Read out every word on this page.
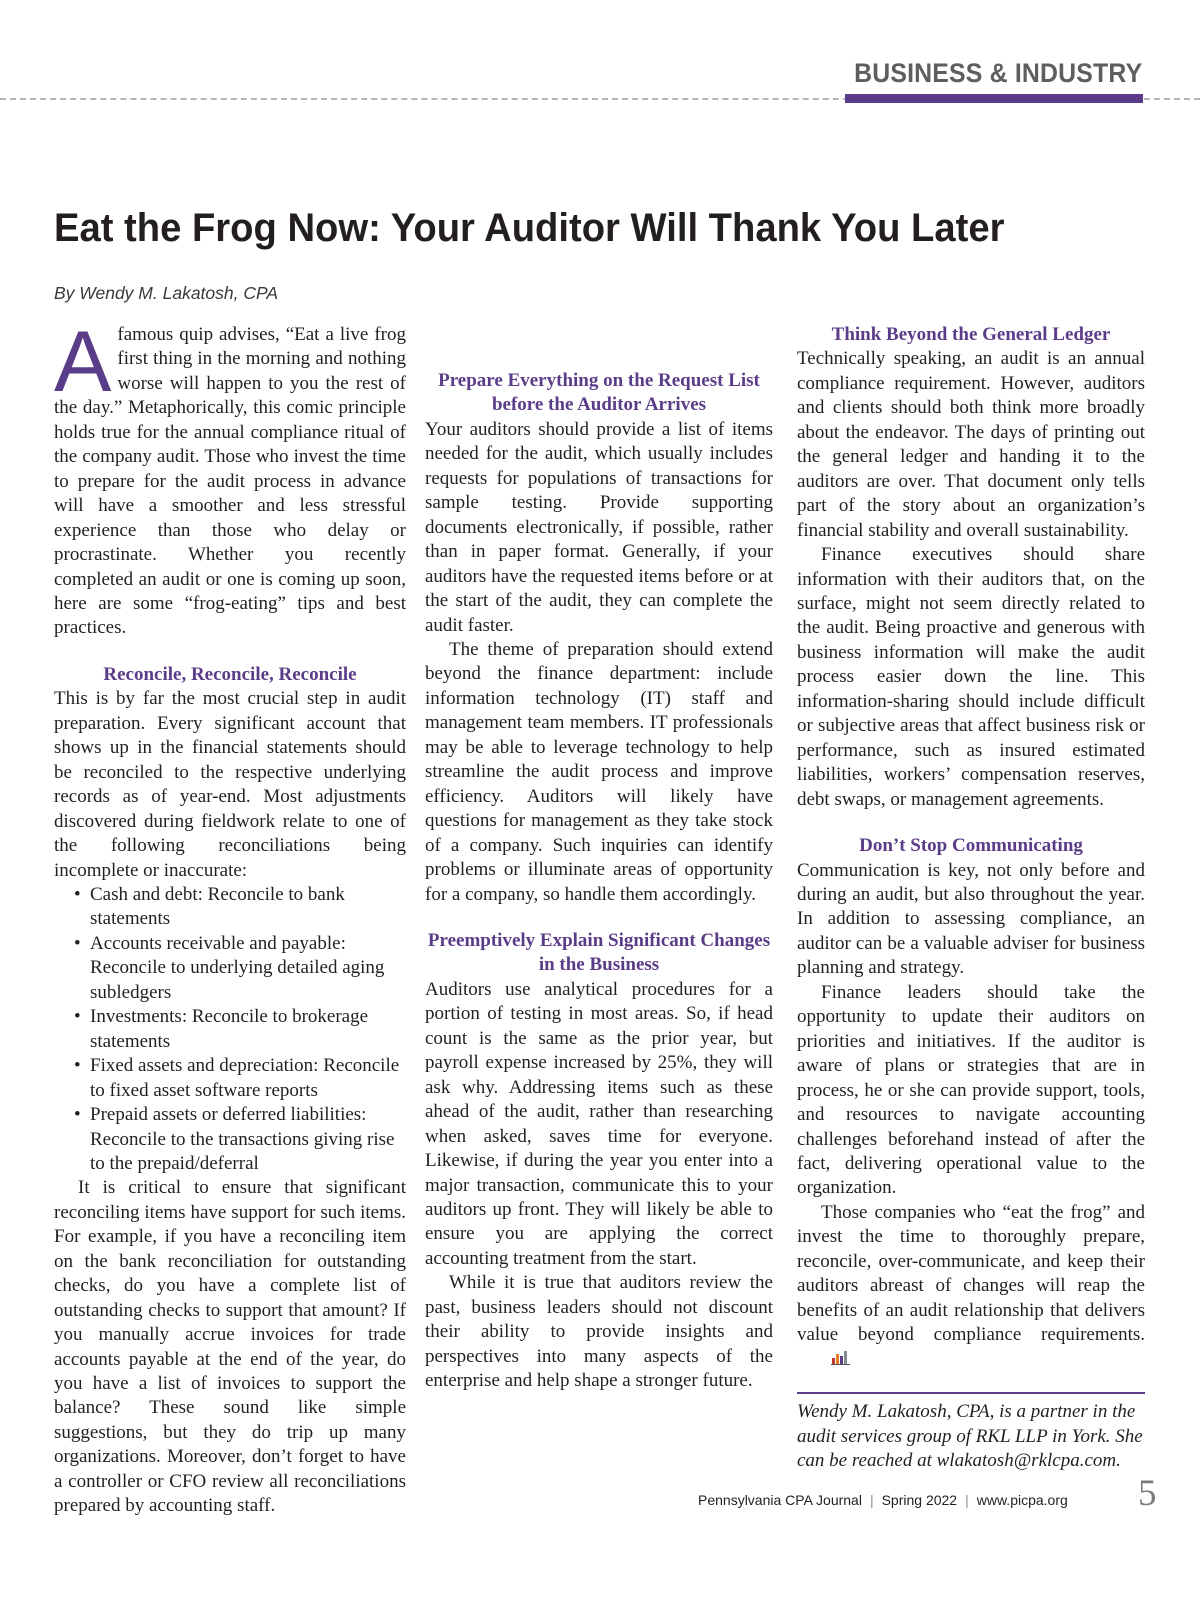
BUSINESS & INDUSTRY
Eat the Frog Now: Your Auditor Will Thank You Later
By Wendy M. Lakatosh, CPA

Afamous quip advises, “Eat a live frog first thing in the morning and nothing worse will happen to you the rest of the day.” Metaphorically, this comic principle holds true for the annual compliance ritual of the company audit. Those who invest the time to prepare for the audit process in advance will have a smoother and less stressful experience than those who delay or procrastinate. Whether you recently completed an audit or one is coming up soon, here are some “frog-eating” tips and best practices.

Reconcile, Reconcile, Reconcile

This is by far the most crucial step in audit preparation. Every significant account that shows up in the financial statements should be reconciled to the respective underlying records as of year-end. Most adjustments discovered during fieldwork relate to one of the following reconciliations being incomplete or inaccurate:

• Cash and debt: Reconcile to bank statements
• Accounts receivable and payable: Reconcile to underlying detailed aging subledgers
• Investments: Reconcile to brokerage statements
• Fixed assets and depreciation: Reconcile to fixed asset software reports
• Prepaid assets or deferred liabilities: Reconcile to the transactions giving rise to the prepaid/deferral

It is critical to ensure that significant reconciling items have support for such items. For example, if you have a reconciling item on the bank reconciliation for outstanding checks, do you have a complete list of outstanding checks to support that amount? If you manually accrue invoices for trade accounts payable at the end of the year, do you have a list of invoices to support the balance? These sound like simple suggestions, but they do trip up many organizations. Moreover, don’t forget to have a controller or CFO review all reconciliations prepared by accounting staff.

Prepare Everything on the Request List before the Auditor Arrives

Your auditors should provide a list of items needed for the audit, which usually includes requests for populations of transactions for sample testing. Provide supporting documents electronically, if possible, rather than in paper format. Generally, if your auditors have the requested items before or at the start of the audit, they can complete the audit faster.

The theme of preparation should extend beyond the finance department: include information technology (IT) staff and management team members. IT professionals may be able to leverage technology to help streamline the audit process and improve efficiency. Auditors will likely have questions for management as they take stock of a company. Such inquiries can identify problems or illuminate areas of opportunity for a company, so handle them accordingly.

Preemptively Explain Significant Changes in the Business

Auditors use analytical procedures for a portion of testing in most areas. So, if head count is the same as the prior year, but payroll expense increased by 25%, they will ask why. Addressing items such as these ahead of the audit, rather than researching when asked, saves time for everyone. Likewise, if during the year you enter into a major transaction, communicate this to your auditors up front. They will likely be able to ensure you are applying the correct accounting treatment from the start.

While it is true that auditors review the past, business leaders should not discount their ability to provide insights and perspectives into many aspects of the enterprise and help shape a stronger future.

Think Beyond the General Ledger

Technically speaking, an audit is an annual compliance requirement. However, auditors and clients should both think more broadly about the endeavor. The days of printing out the general ledger and handing it to the auditors are over. That document only tells part of the story about an organization’s financial stability and overall sustainability.

Finance executives should share information with their auditors that, on the surface, might not seem directly related to the audit. Being proactive and generous with business information will make the audit process easier down the line. This information-sharing should include difficult or subjective areas that affect business risk or performance, such as insured estimated liabilities, workers’ compensation reserves, debt swaps, or management agreements.

Don’t Stop Communicating

Communication is key, not only before and during an audit, but also throughout the year. In addition to assessing compliance, an auditor can be a valuable adviser for business planning and strategy.

Finance leaders should take the opportunity to update their auditors on priorities and initiatives. If the auditor is aware of plans or strategies that are in process, he or she can provide support, tools, and resources to navigate accounting challenges beforehand instead of after the fact, delivering operational value to the organization.

Those companies who “eat the frog” and invest the time to thoroughly prepare, reconcile, over-communicate, and keep their auditors abreast of changes will reap the benefits of an audit relationship that delivers value beyond compliance requirements.

Wendy M. Lakatosh, CPA, is a partner in the audit services group of RKL LLP in York. She can be reached at wlakatosh@rklcpa.com.

Pennsylvania CPA Journal | Spring 2022 | www.picpa.org 5
